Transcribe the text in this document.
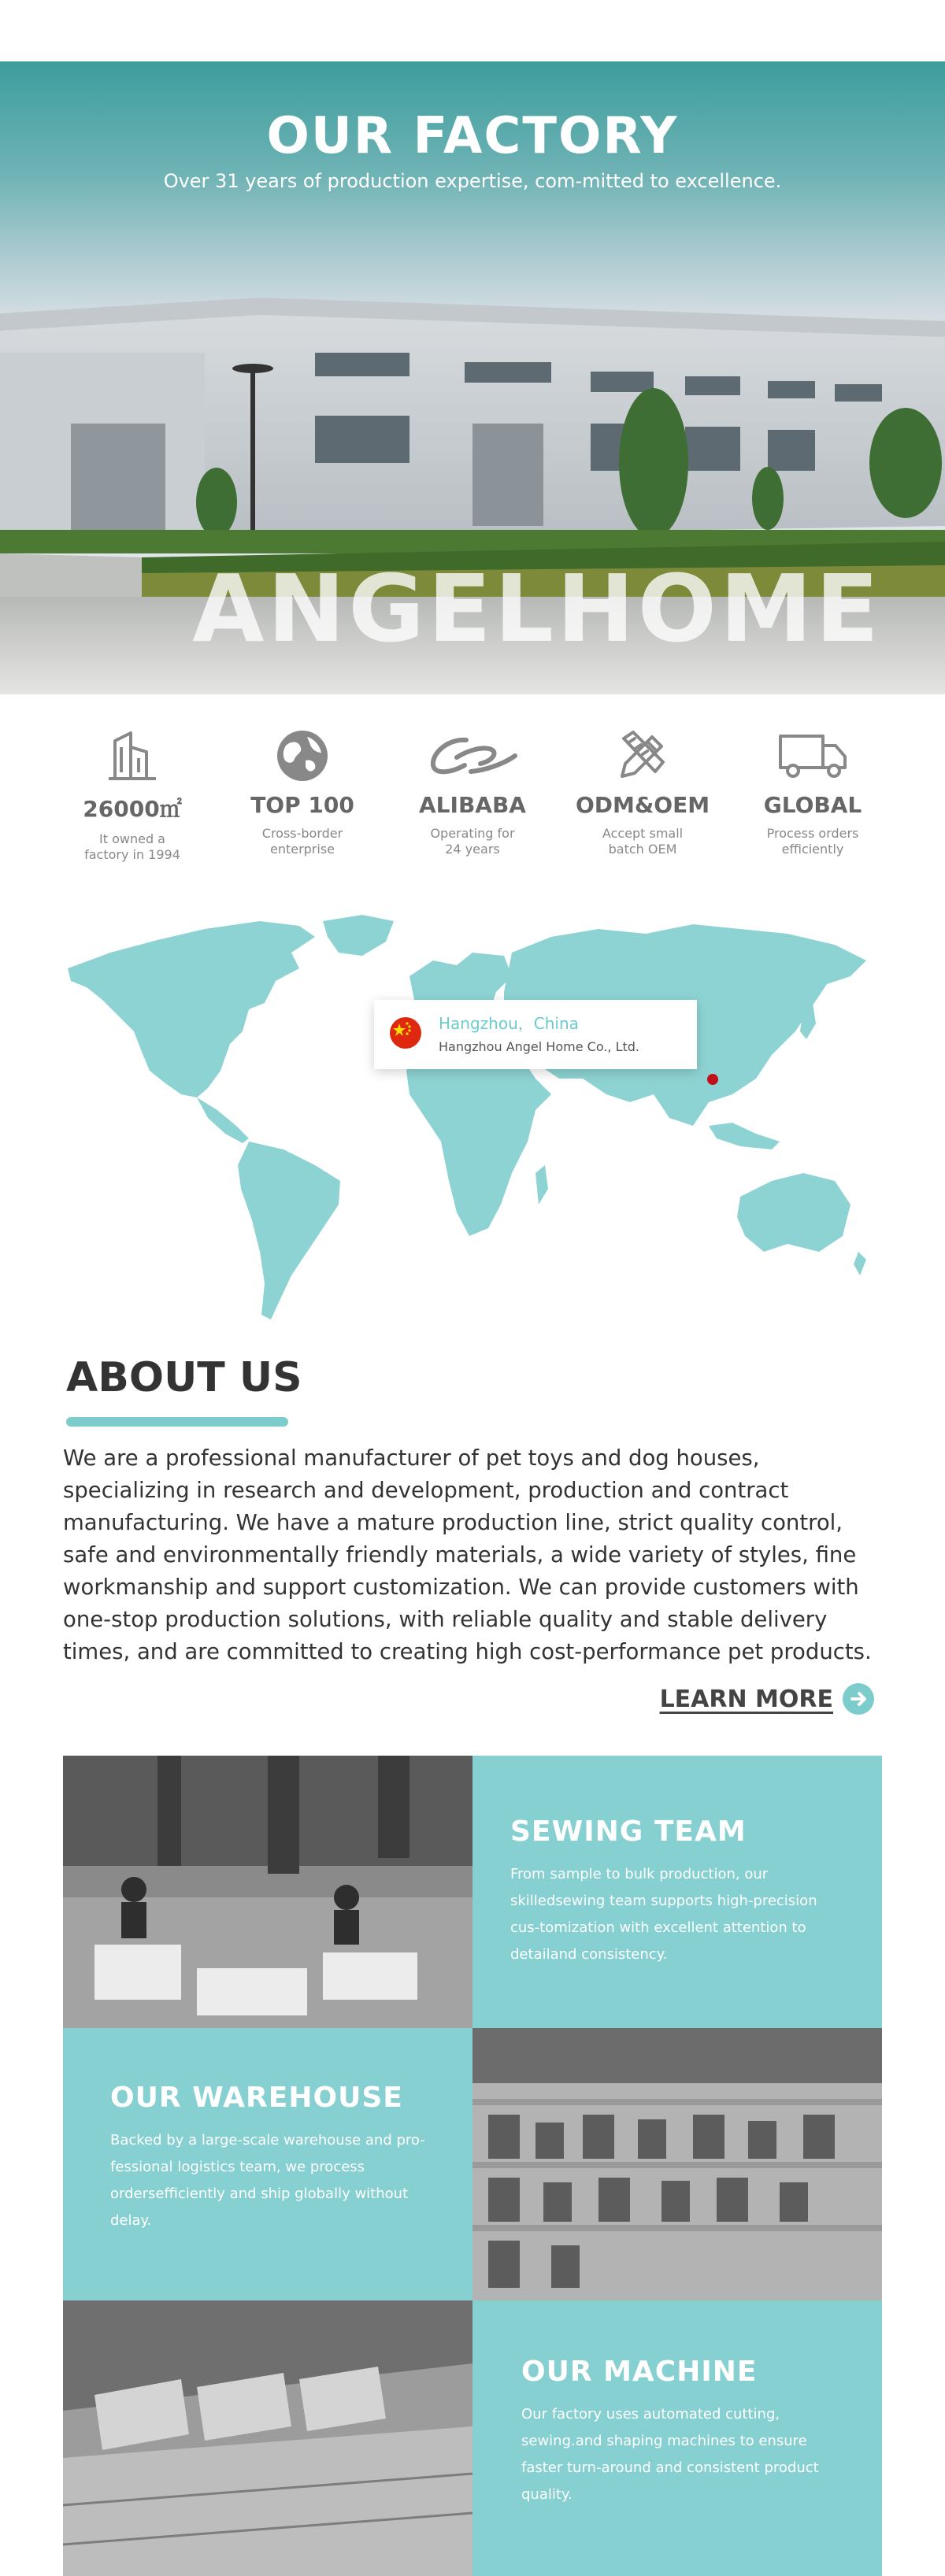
OUR FACTORY
Over 31 years of production expertise, com-mitted to excellence.
ANGELHOME
26000㎡
It owned a
factory in 1994
TOP 100
Cross-border
enterprise
ALIBABA
Operating for
24 years
ODM&OEM
Accept small
batch OEM
GLOBAL
Process orders
efficiently
Hangzhou，China
Hangzhou Angel Home Co., Ltd.
ABOUT US

We are a professional manufacturer of pet toys and dog houses, specializing in research and development, production and contract manufacturing. We have a mature production line, strict quality control, safe and environmentally friendly materials, a wide variety of styles, fine workmanship and support customization. We can provide customers with one-stop production solutions, with reliable quality and stable delivery times, and are committed to creating high cost-performance pet products.

LEARN MORE
SEWING TEAM
From sample to bulk production, our skilledsewing team supports high-precision cus-tomization with excellent attention to detailand consistency.
OUR WAREHOUSE
Backed by a large-scale warehouse and pro-fessional logistics team, we process ordersefficiently and ship globally without delay.
OUR MACHINE
Our factory uses automated cutting, sewing.and shaping machines to ensure faster turn-around and consistent product quality.
